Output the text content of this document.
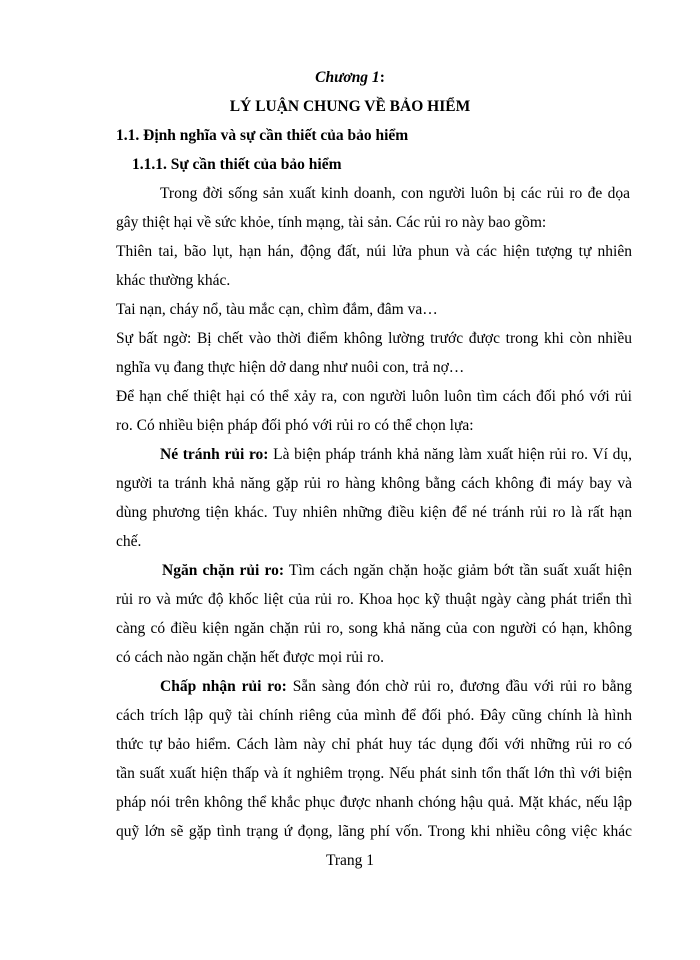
Chương 1:
LÝ LUẬN CHUNG VỀ BẢO HIỂM
1.1. Định nghĩa và sự cần thiết của bảo hiểm
1.1.1. Sự cần thiết của bảo hiểm
Trong đời sống sản xuất kinh doanh, con người luôn bị các rủi ro đe dọa
gây thiệt hại về sức khỏe, tính mạng, tài sản. Các rủi ro này bao gồm:
Thiên tai, bão lụt, hạn hán, động đất, núi lửa phun và các hiện tượng tự nhiên
khác thường khác.
Tai nạn, cháy nổ, tàu mắc cạn, chìm đắm, đâm va…
Sự bất ngờ: Bị chết vào thời điểm không lường trước được trong khi còn nhiều
nghĩa vụ đang thực hiện dở dang như nuôi con, trả nợ…
Để hạn chế thiệt hại có thể xảy ra, con người luôn luôn tìm cách đối phó với rủi
ro. Có nhiều biện pháp đối phó với rủi ro có thể chọn lựa:
Né tránh rủi ro: Là biện pháp tránh khả năng làm xuất hiện rủi ro. Ví dụ,
người ta tránh khả năng gặp rủi ro hàng không bằng cách không đi máy bay và
dùng phương tiện khác. Tuy nhiên những điều kiện để né tránh rủi ro là rất hạn
chế.
Ngăn chặn rủi ro: Tìm cách ngăn chặn hoặc giảm bớt tần suất xuất hiện
rủi ro và mức độ khốc liệt của rủi ro. Khoa học kỹ thuật ngày càng phát triển thì
càng có điều kiện ngăn chặn rủi ro, song khả năng của con người có hạn, không
có cách nào ngăn chặn hết được mọi rủi ro.
Chấp nhận rủi ro: Sẵn sàng đón chờ rủi ro, đương đầu với rủi ro bằng
cách trích lập quỹ tài chính riêng của mình để đối phó. Đây cũng chính là hình
thức tự bảo hiểm. Cách làm này chỉ phát huy tác dụng đối với những rủi ro có
tần suất xuất hiện thấp và ít nghiêm trọng. Nếu phát sinh tổn thất lớn thì với biện
pháp nói trên không thể khắc phục được nhanh chóng hậu quả. Mặt khác, nếu lập
quỹ lớn sẽ gặp tình trạng ứ đọng, lãng phí vốn. Trong khi nhiều công việc khác
Trang 1
